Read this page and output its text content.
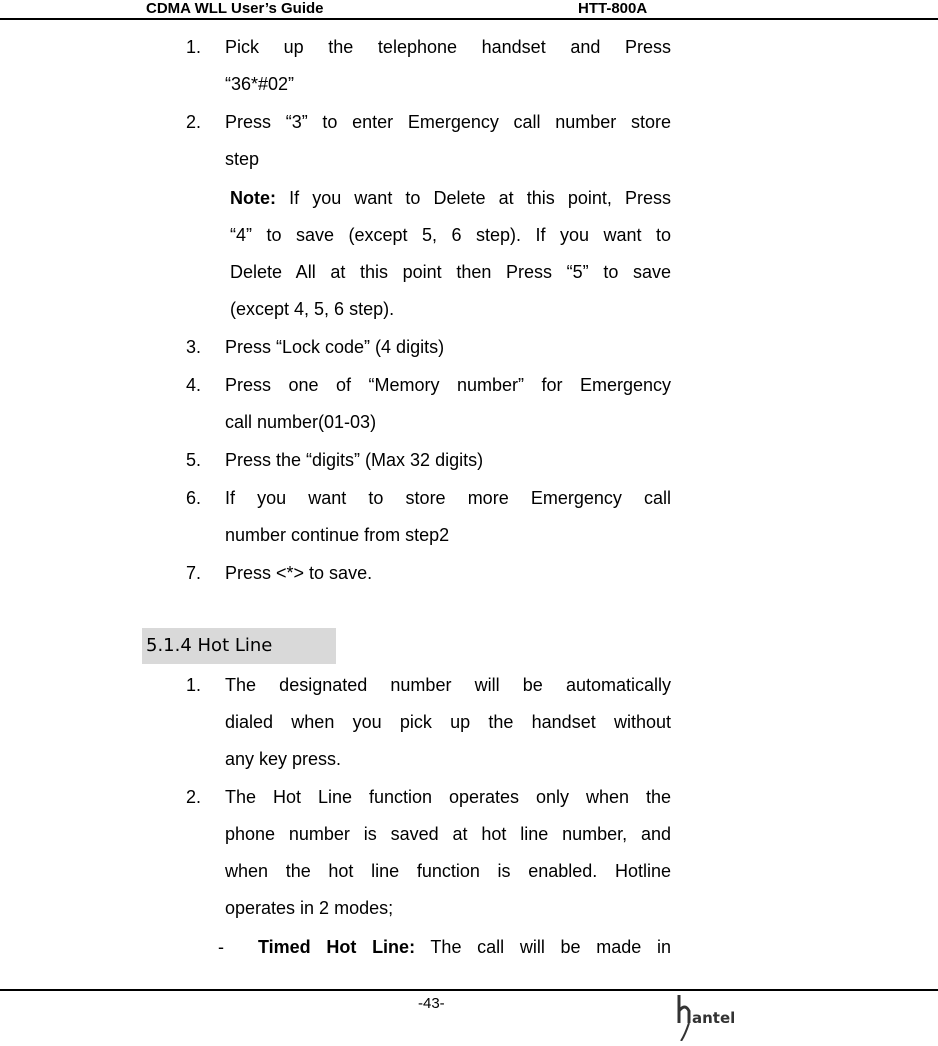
CDMA WLL User’s Guide	HTT-800A
1. Pick up the telephone handset and Press
“36*#02”
2. Press “3” to enter Emergency call number store
step
Note: If you want to Delete at this point, Press
“4” to save (except 5, 6 step). If you want to
Delete All at this point then Press “5” to save
(except 4, 5, 6 step).
3. Press “Lock code” (4 digits)
4. Press one of “Memory number” for Emergency
call number(01-03)
5. Press the “digits” (Max 32 digits)
6. If you want to store more Emergency call
number continue from step2
7. Press <*> to save.
5.1.4 Hot Line
1. The designated number will be automatically
dialed when you pick up the handset without
any key press.
2. The Hot Line function operates only when the
phone number is saved at hot line number, and
when the hot line function is enabled. Hotline
operates in 2 modes;
- Timed Hot Line: The call will be made in
-43-
antel
